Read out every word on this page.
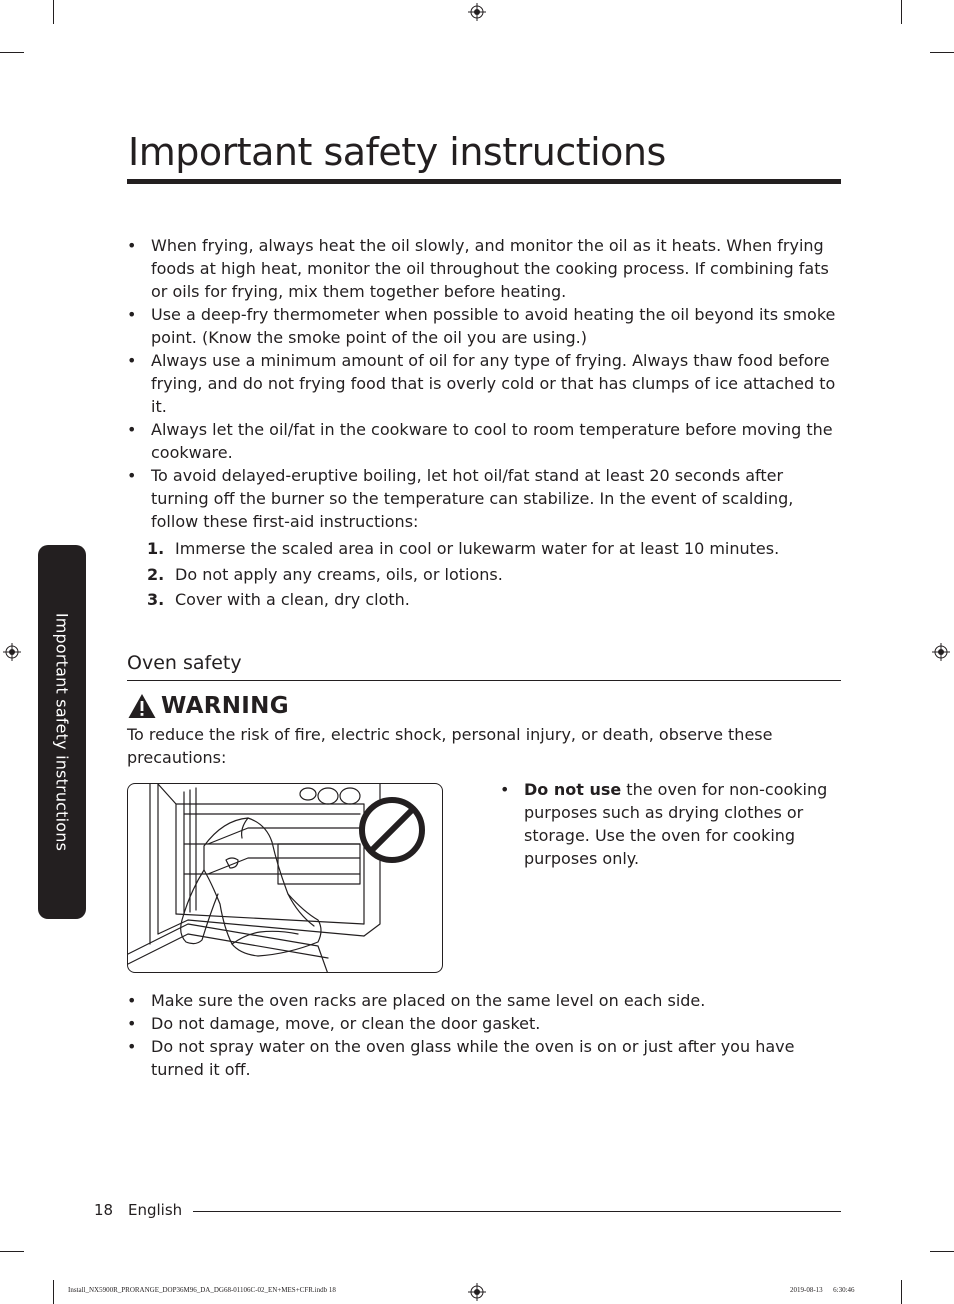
Important safety instructions
Important safety instructions
• When frying, always heat the oil slowly, and monitor the oil as it heats. When frying foods at high heat, monitor the oil throughout the cooking process. If combining fats or oils for frying, mix them together before heating.
• Use a deep-fry thermometer when possible to avoid heating the oil beyond its smoke point. (Know the smoke point of the oil you are using.)
• Always use a minimum amount of oil for any type of frying. Always thaw food before frying, and do not frying food that is overly cold or that has clumps of ice attached to it.
• Always let the oil/fat in the cookware to cool to room temperature before moving the cookware.
• To avoid delayed-eruptive boiling, let hot oil/fat stand at least 20 seconds after turning off the burner so the temperature can stabilize. In the event of scalding, follow these first-aid instructions:
1. Immerse the scaled area in cool or lukewarm water for at least 10 minutes.
2. Do not apply any creams, oils, or lotions.
3. Cover with a clean, dry cloth.
Oven safety
WARNING

To reduce the risk of fire, electric shock, personal injury, or death, observe these precautions:

• Do not use the oven for non-cooking purposes such as drying clothes or storage. Use the oven for cooking purposes only.
• Make sure the oven racks are placed on the same level on each side.
• Do not damage, move, or clean the door gasket.
• Do not spray water on the oven glass while the oven is on or just after you have turned it off.
18 English
Install_NX5900R_PRORANGE_DOP36M96_DA_DG68-01106C-02_EN+MES+CFR.indb 18	2019-08-13   6:30:46
